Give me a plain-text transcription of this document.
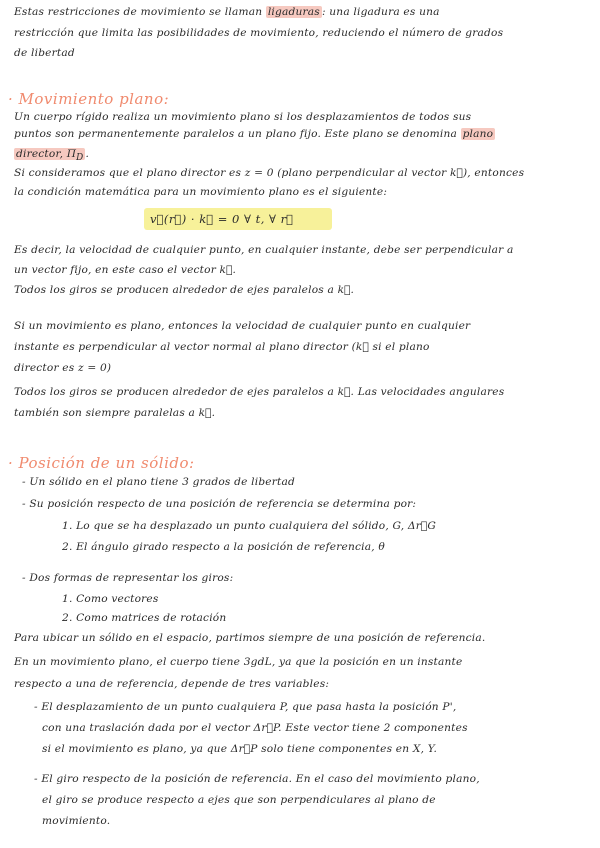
Estas restricciones de movimiento se llaman ligaduras : una ligadura es una
restricción que limita las posibilidades de movimiento, reduciendo el número de grados
de libertad
· Movimiento plano:
Un cuerpo rígido realiza un movimiento plano si los desplazamientos de todos sus
puntos son permanentemente paralelos a un plano fijo. Este plano se denomina plano
director, $\Pi_D$ .
Si consideramos que el plano director es z = 0 (plano perpendicular al vector k⃗), entonces
la condición matemática para un movimiento plano es el siguiente:
v⃗(r⃗) · k⃗ = 0 ∀ t, ∀ r⃗
Es decir, la velocidad de cualquier punto, en cualquier instante, debe ser perpendicular a
un vector fijo, en este caso el vector k⃗.
Todos los giros se producen alrededor de ejes paralelos a k⃗.
Si un movimiento es plano, entonces la velocidad de cualquier punto en cualquier
instante es perpendicular al vector normal al plano director (k⃗ si el plano
director es z = 0)
Todos los giros se producen alrededor de ejes paralelos a k⃗. Las velocidades angulares
también son siempre paralelas a k⃗.
· Posición de un sólido:
- Un sólido en el plano tiene 3 grados de libertad
- Su posición respecto de una posición de referencia se determina por:
1. Lo que se ha desplazado un punto cualquiera del sólido, G, Δr⃗G
2. El ángulo girado respecto a la posición de referencia, θ
- Dos formas de representar los giros:
1. Como vectores
2. Como matrices de rotación
Para ubicar un sólido en el espacio, partimos siempre de una posición de referencia.
En un movimiento plano, el cuerpo tiene 3gdL, ya que la posición en un instante
respecto a una de referencia, depende de tres variables:
- El desplazamiento de un punto cualquiera P, que pasa hasta la posición P',
con una traslación dada por el vector Δr⃗P. Este vector tiene 2 componentes
si el movimiento es plano, ya que Δr⃗P solo tiene componentes en X, Y.
- El giro respecto de la posición de referencia. En el caso del movimiento plano,
el giro se produce respecto a ejes que son perpendiculares al plano de
movimiento.
